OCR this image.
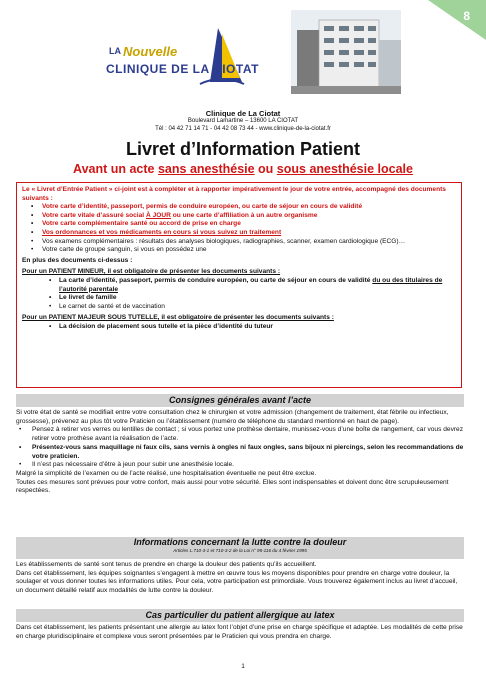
8
LA Nouvelle
CLINIQUE DE LA CIOTAT
Clinique de La Ciotat
Boulevard Lamartine – 13600 LA CIOTAT
Tél : 04 42 71 14 71 - 04 42 08 73 44 - www.clinique-de-la-ciotat.fr
Livret d’Information Patient
Avant un acte sans anesthésie ou sous anesthésie locale

Le « Livret d’Entrée Patient » ci-joint est à compléter et à rapporter impérativement le jour de votre entrée, accompagné des documents suivants :

• Votre carte d’identité, passeport, permis de conduire européen, ou carte de séjour en cours de validité
• Votre carte vitale d’assuré social À JOUR ou une carte d’affiliation à un autre organisme
• Votre carte complémentaire santé ou accord de prise en charge
• Vos ordonnances et vos médicaments en cours si vous suivez un traitement
• Vos examens complémentaires : résultats des analyses biologiques, radiographies, scanner, examen cardiologique (ECG)…
• Votre carte de groupe sanguin, si vous en possédez une

En plus des documents ci-dessus :

Pour un PATIENT MINEUR, il est obligatoire de présenter les documents suivants :

• La carte d’identité, passeport, permis de conduire européen, ou carte de séjour en cours de validité du ou des titulaires de l’autorité parentale
• Le livret de famille
• Le carnet de santé et de vaccination

Pour un PATIENT MAJEUR SOUS TUTELLE, il est obligatoire de présenter les documents suivants :

• La décision de placement sous tutelle et la pièce d’identité du tuteur
Consignes générales avant l’acte

Si votre état de santé se modifiait entre votre consultation chez le chirurgien et votre admission (changement de traitement, état fébrile ou infectieux, grossesse), prévenez au plus tôt votre Praticien ou l’établissement (numéro de téléphone du standard mentionné en haut de page).

• Pensez à retirer vos verres ou lentilles de contact ; si vous portez une prothèse dentaire, munissez-vous d’une boîte de rangement, car vous devrez retirer votre prothèse avant la réalisation de l’acte.
• Présentez-vous sans maquillage ni faux cils, sans vernis à ongles ni faux ongles, sans bijoux ni piercings, selon les recommandations de votre praticien.
• Il n’est pas nécessaire d’être à jeun pour subir une anesthésie locale.

Malgré la simplicité de l’examen ou de l’acte réalisé, une hospitalisation éventuelle ne peut être exclue.

Toutes ces mesures sont prévues pour votre confort, mais aussi pour votre sécurité. Elles sont indispensables et doivent donc être scrupuleusement respectées.

Informations concernant la lutte contre la douleur
Articles L.710-3-1 et 710-3-2 de la Loi n° 95-116 du 4 février 1995

Les établissements de santé sont tenus de prendre en charge la douleur des patients qu’ils accueillent.

Dans cet établissement, les équipes soignantes s’engagent à mettre en œuvre tous les moyens disponibles pour prendre en charge votre douleur, la soulager et vous donner toutes les informations utiles. Pour cela, votre participation est primordiale. Vous trouverez également inclus au livret d’accueil, un document détaillé relatif aux modalités de lutte contre la douleur.

Cas particulier du patient allergique au latex

Dans cet établissement, les patients présentant une allergie au latex font l’objet d’une prise en charge spécifique et adaptée. Les modalités de cette prise en charge pluridisciplinaire et complexe vous seront présentées par le Praticien qui vous prendra en charge.

1
